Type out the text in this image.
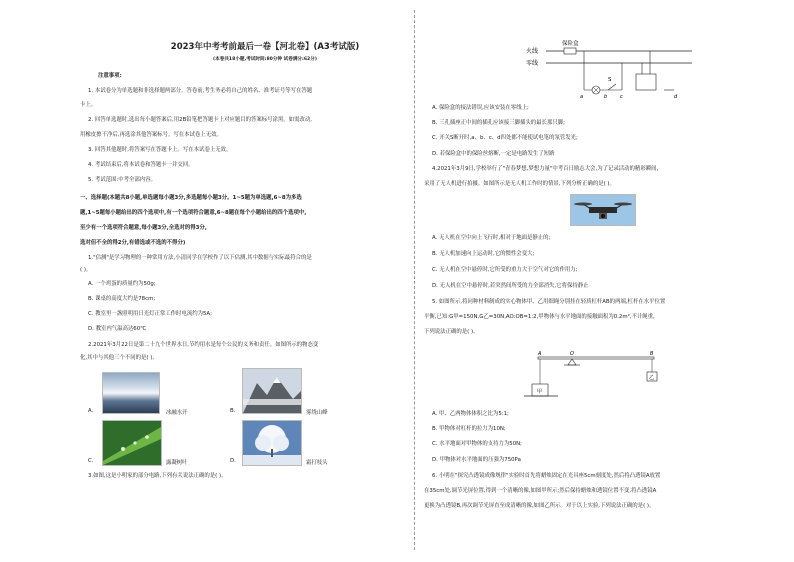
2023年中考考前最后一卷【河北卷】(A3考试版)
(本卷共18小题,考试时间:80分钟 试卷满分:62分)
注意事项:
1. 本试卷分为单选题和非选择题两部分。答卷前,考生务必将自己的姓名、准考证号等写在答题
卡上。
2. 回答单选题时,选出每小题答案后,用2B铅笔把答题卡上对应题目的答案标号涂黑。如需改动,
用橡皮擦干净后,再选涂其他答案标号。写在本试卷上无效。
3. 回答其他题时,将答案写在答题卡上。写在本试卷上无效。
4. 考试结束后,将本试卷和答题卡一并交回。
5. 考试范围:中考全部内容。
一、选择题(本题共8小题,单选题每小题3分,多选题每小题3分。1~5题为单选题,6~8为多选
题,1~5题每小题给出的四个选项中,有一个选项符合题意,6~8题在每个小题给出的四个选项中,
至少有一个选项符合题意,每小题3分,全选对的得3分,
选对但不全的得2分,有错选或不选的不得分)
1."估测"是学习物理的一种常用方法,小清同学在学校作了以下估测,其中数据与实际最符合的是
( )。
A. 一个鸡蛋的质量约为50g;
B. 课桌的高度大约是78cm;
C. 教室里一盏照明用日光灯正常工作时电流约为5A;
D. 教室内气温高达60℃
2.2021年3月22日是第二十九个世界水日,节约用水是每个公民的义务和责任。如图所示的物态变
化,其中与其他三个不同的是( )。
A.	冰融水开	B.	雾绕山峰
C.	露凝树叶	D.	霜打枝头
3.如图,这是小明家的部分电路,下列有关说法正确的是( )。
火线
零线
保险盒
S
a	b	c	d
A. 保险盒的接法错误,应该安装在零线上;
B. 三孔插座正中间的插孔应该接三脚插头的最长那只脚;
C. 开关S断开时,a、b、c、d四处都不能使试电笔的氖管发光;
D. 若保险盒中的保险丝熔断,一定是电路发生了短路
4.2021年3月9日,学校举行了"青春梦想,梦想力量"中考百日励志大会,为了记录活动的精彩瞬间,
采用了无人机进行拍摄。如图所示是无人机工作时的情景,下列分析正确的是( )。
A. 无人机在空中向上飞行时,相对于地面是静止的;
B. 无人机加速向上运动时,它的惯性会变大;
C. 无人机在空中悬停时,它所受的重力大于空气对它的作用力;
D. 无人机在空中悬停时,若突然间所受的力全部消失,它将保持静止
5. 如图所示,将同种材料制成的实心物体甲、乙用细绳分别挂在轻质杠杆AB的两端,杠杆在水平位置
平衡,已知:G甲=150N,G乙=30N,AO:OB=1:2,甲物体与水平地面的接触面积为0.2m²,不计绳重,
下列说法正确的是( )。
A	O	B
甲
乙
A. 甲、乙两物体体积之比为5:1;
B. 甲物体对杠杆的拉力为10N;
C. 水平地面对甲物体的支持力为50N;
D. 甲物体对水平地面的压强为750Pa
6. 小明在"探究凸透镜成像规律"实验时首先将蜡烛固定在光具座5cm刻度处,然后将凸透镜A放置
在35cm处,调节光屏位置,得到一个清晰的像,如图甲所示;然后保持蜡烛和透镜位置不变,将凸透镜A
更换为凸透镜B,再次调节光屏直至成清晰的像,如图乙所示。对于以上实验,下列说法正确的是( )。
